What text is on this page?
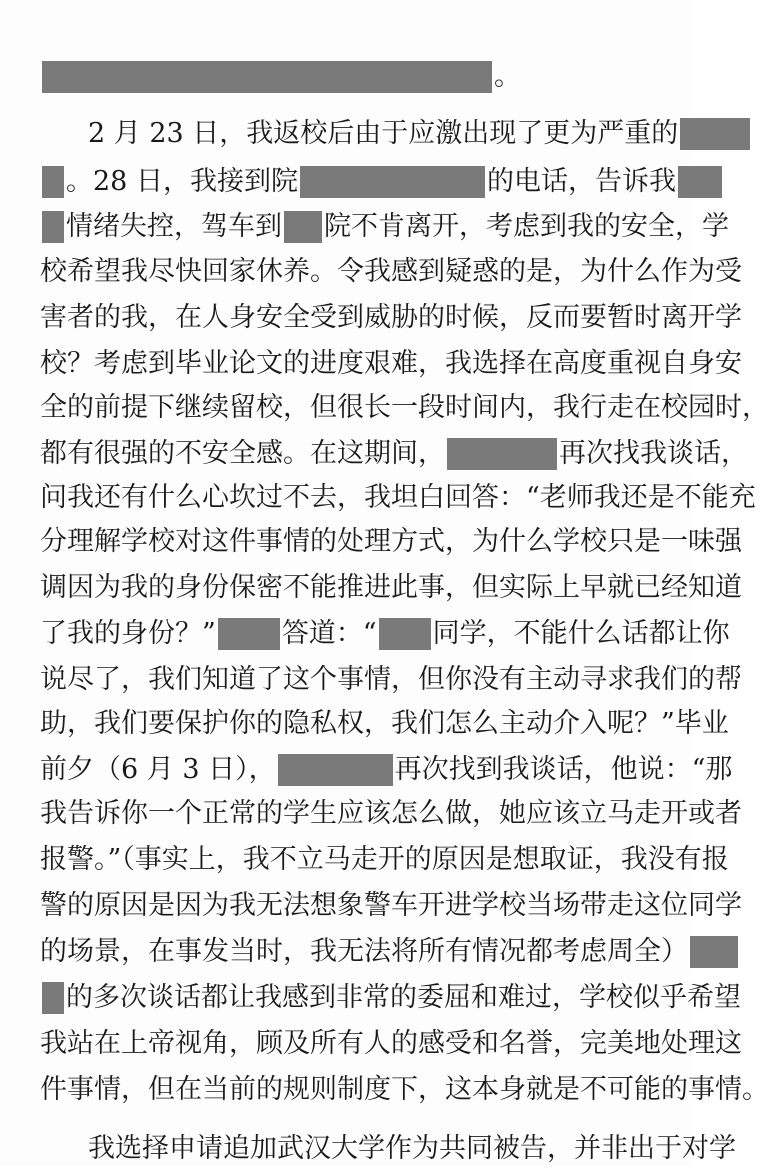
。
2 月 23 日，我返校后由于应激出现了更为严重的
。28 日，我接到院	的电话，告诉我
情绪失控，驾车到 院不肯离开，考虑到我的安全，学
校希望我尽快回家休养。令我感到疑惑的是，为什么作为受
害者的我，在人身安全受到威胁的时候，反而要暂时离开学
校？考虑到毕业论文的进度艰难，我选择在高度重视自身安
全的前提下继续留校，但很长一段时间内，我行走在校园时，
都有很强的不安全感。在这期间，	再次找我谈话，
问我还有什么心坎过不去，我坦白回答：“老师我还是不能充
分理解学校对这件事情的处理方式，为什么学校只是一味强
调因为我的身份保密不能推进此事，但实际上早就已经知道
了我的身份？” 答道：“ 同学，不能什么话都让你
说尽了，我们知道了这个事情，但你没有主动寻求我们的帮
助，我们要保护你的隐私权，我们怎么主动介入呢？”毕业
前夕（6 月 3 日），	再次找到我谈话，他说：“那
我告诉你一个正常的学生应该怎么做，她应该立马走开或者
报警。”（事实上，我不立马走开的原因是想取证，我没有报
警的原因是因为我无法想象警车开进学校当场带走这位同学
的场景，在事发当时，我无法将所有情况都考虑周全）
的多次谈话都让我感到非常的委屈和难过，学校似乎希望
我站在上帝视角，顾及所有人的感受和名誉，完美地处理这
件事情，但在当前的规则制度下，这本身就是不可能的事情。
我选择申请追加武汉大学作为共同被告，并非出于对学
